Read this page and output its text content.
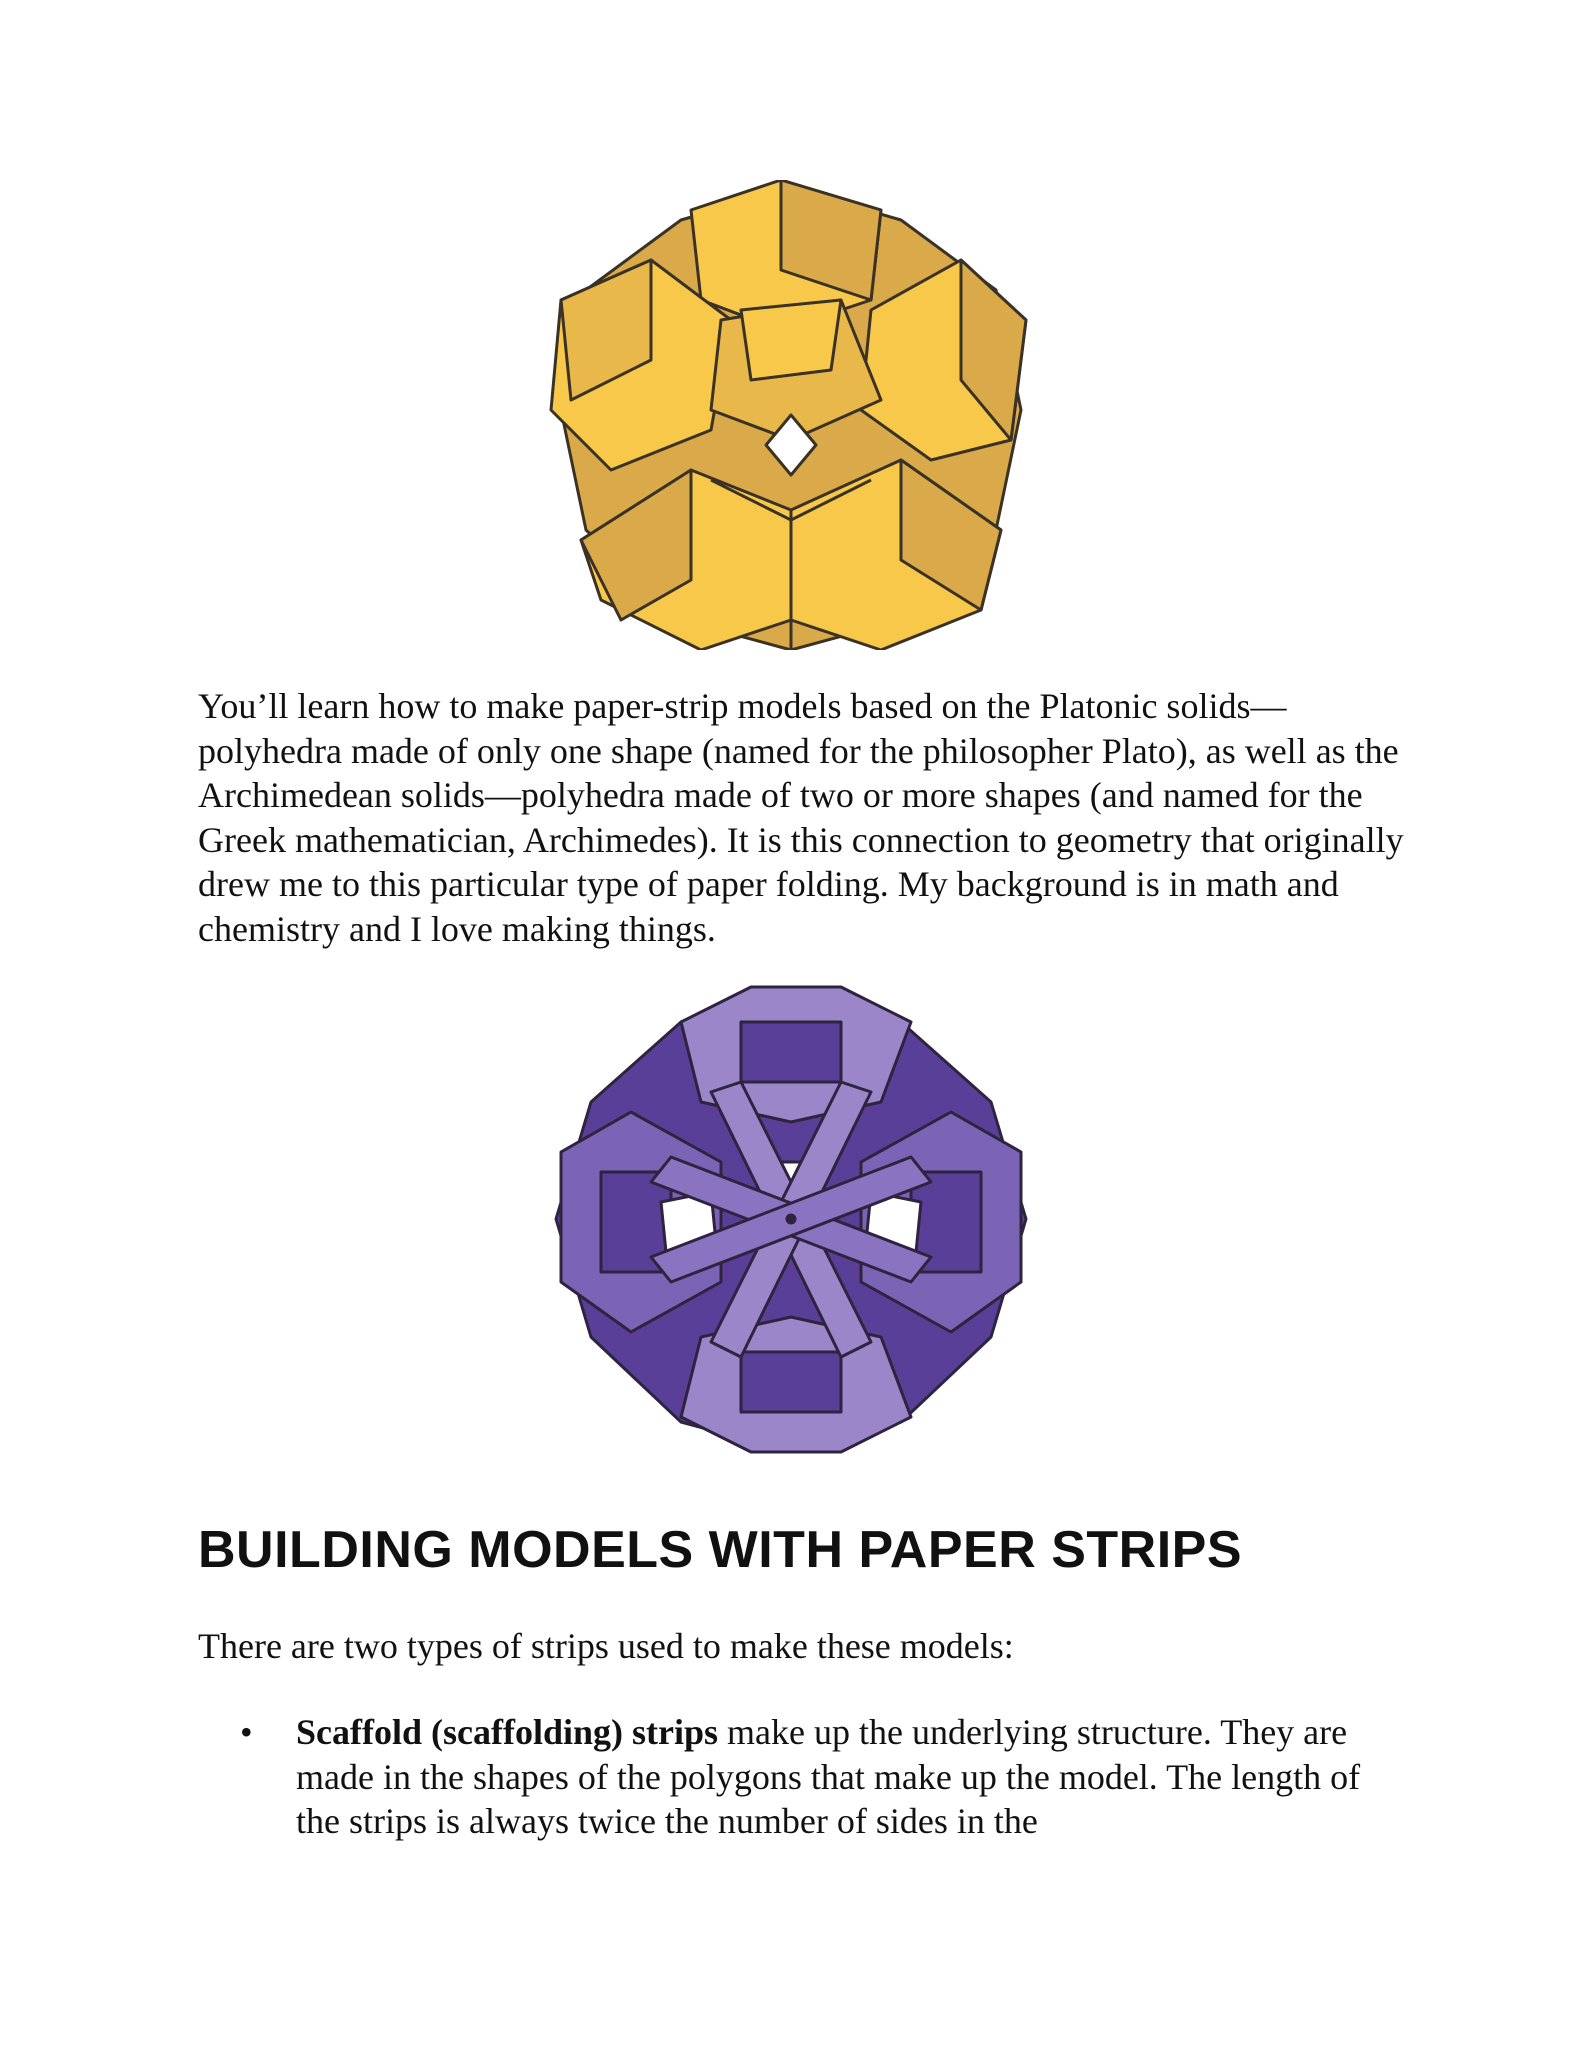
You’ll learn how to make paper-strip models based on the Platonic solids— polyhedra made of only one shape (named for the philosopher Plato), as well as the Archimedean solids—polyhedra made of two or more shapes (and named for the Greek mathematician, Archimedes). It is this connection to geometry that originally drew me to this particular type of paper folding. My background is in math and chemistry and I love making things.

BUILDING MODELS WITH PAPER STRIPS

There are two types of strips used to make these models:

• Scaffold (scaffolding) strips make up the underlying structure. They are made in the shapes of the polygons that make up the model. The length of the strips is always twice the number of sides in the
